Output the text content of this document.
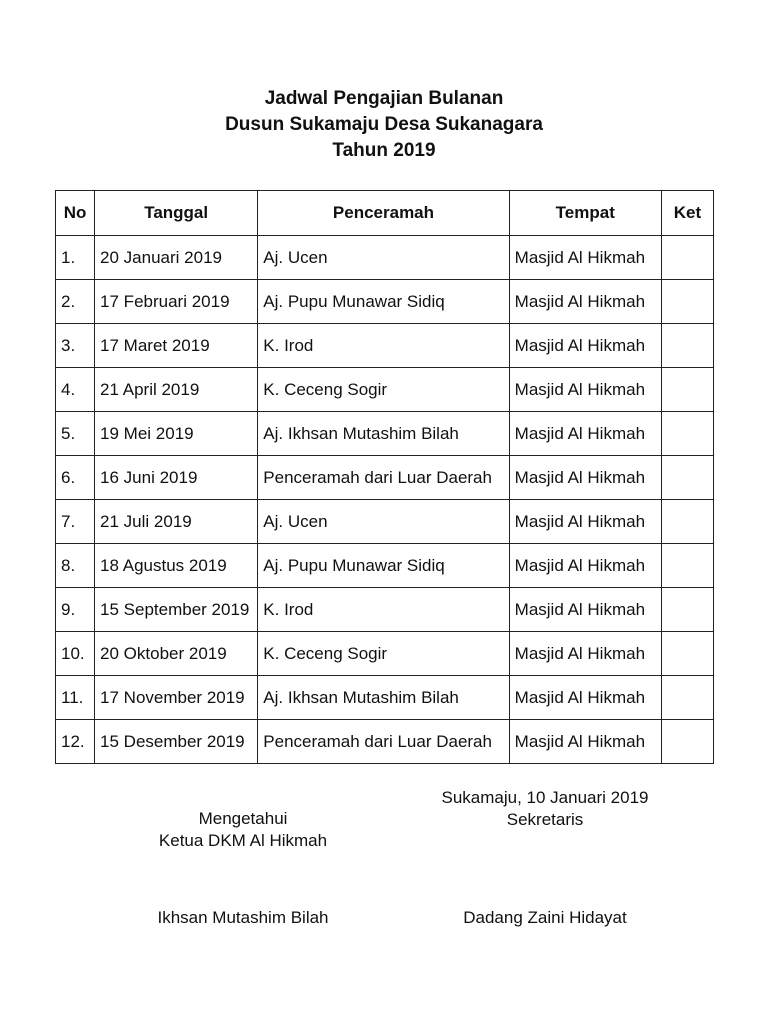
Jadwal Pengajian Bulanan
Dusun Sukamaju Desa Sukanagara
Tahun 2019
No	Tanggal	Penceramah	Tempat	Ket
1.	20 Januari 2019	Aj. Ucen	Masjid Al Hikmah	
2.	17 Februari 2019	Aj. Pupu Munawar Sidiq	Masjid Al Hikmah	
3.	17 Maret 2019	K. Irod	Masjid Al Hikmah	
4.	21 April 2019	K. Ceceng Sogir	Masjid Al Hikmah	
5.	19 Mei 2019	Aj. Ikhsan Mutashim Bilah	Masjid Al Hikmah	
6.	16 Juni 2019	Penceramah dari Luar Daerah	Masjid Al Hikmah	
7.	21 Juli 2019	Aj. Ucen	Masjid Al Hikmah	
8.	18 Agustus 2019	Aj. Pupu Munawar Sidiq	Masjid Al Hikmah	
9.	15 September 2019	K. Irod	Masjid Al Hikmah	
10.	20 Oktober 2019	K. Ceceng Sogir	Masjid Al Hikmah	
11.	17 November 2019	Aj. Ikhsan Mutashim Bilah	Masjid Al Hikmah	
12.	15 Desember 2019	Penceramah dari Luar Daerah	Masjid Al Hikmah	
Sukamaju, 10 Januari 2019
Sekretaris
Mengetahui
Ketua DKM Al Hikmah
Ikhsan Mutashim Bilah	Dadang Zaini Hidayat
